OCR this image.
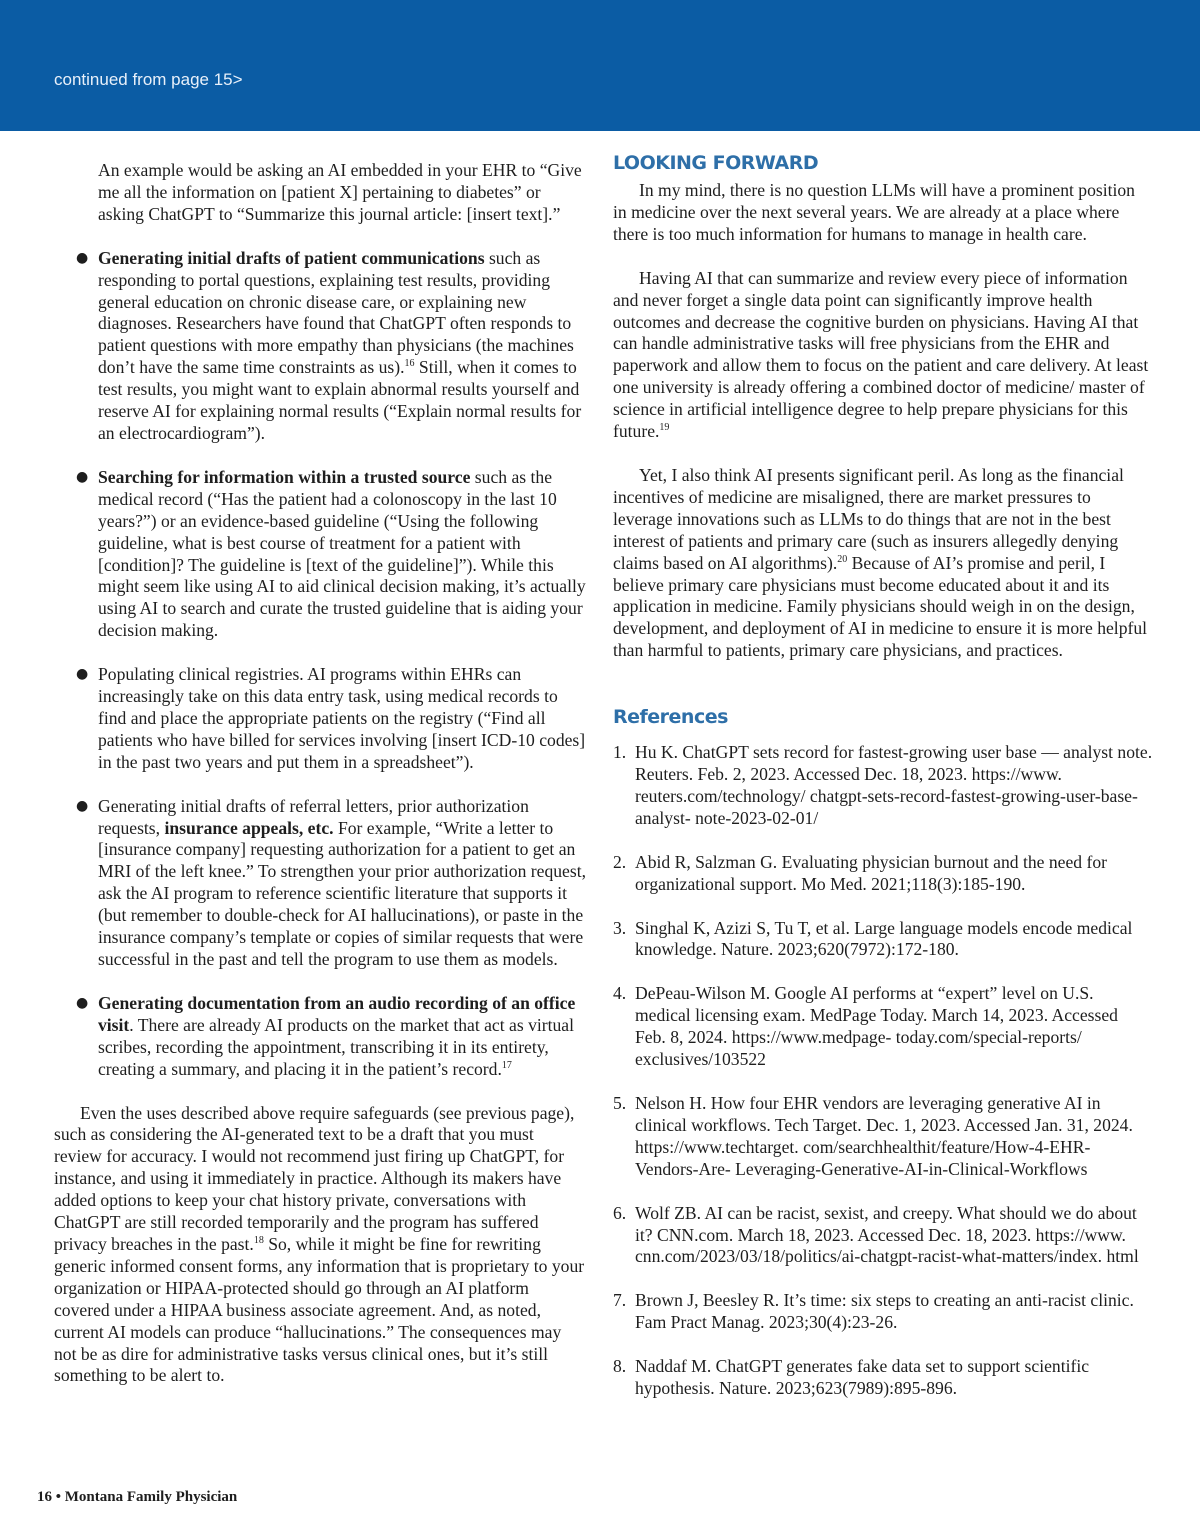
continued from page 15>

An example would be asking an AI embedded in your EHR to “Give me all the information on [patient X] pertaining to diabetes” or asking ChatGPT to “Summarize this journal article: [insert text].”

● Generating initial drafts of patient communications such as responding to portal questions, explaining test results, providing general education on chronic disease care, or explaining new diagnoses. Researchers have found that ChatGPT often responds to patient questions with more empathy than physicians (the machines don’t have the same time constraints as us).$^{16}$ Still, when it comes to test results, you might want to explain abnormal results yourself and reserve AI for explaining normal results (“Explain normal results for an electrocardiogram”).
● Searching for information within a trusted source such as the medical record (“Has the patient had a colonoscopy in the last 10 years?”) or an evidence-based guideline (“Using the following guideline, what is best course of treatment for a patient with [condition]? The guideline is [text of the guideline]”). While this might seem like using AI to aid clinical decision making, it’s actually using AI to search and curate the trusted guideline that is aiding your decision making.
● Populating clinical registries. AI programs within EHRs can increasingly take on this data entry task, using medical records to find and place the appropriate patients on the registry (“Find all patients who have billed for services involving [insert ICD-10 codes] in the past two years and put them in a spreadsheet”).
● Generating initial drafts of referral letters, prior authorization requests, insurance appeals, etc. For example, “Write a letter to [insurance company] requesting authorization for a patient to get an MRI of the left knee.” To strengthen your prior authorization request, ask the AI program to reference scientific literature that supports it (but remember to double-check for AI hallucinations), or paste in the insurance company’s template or copies of similar requests that were successful in the past and tell the program to use them as models.
● Generating documentation from an audio recording of an office visit. There are already AI products on the market that act as virtual scribes, recording the appointment, transcribing it in its entirety, creating a summary, and placing it in the patient’s record.$^{17}$

Even the uses described above require safeguards (see previous page), such as considering the AI-generated text to be a draft that you must review for accuracy. I would not recommend just firing up ChatGPT, for instance, and using it immediately in practice. Although its makers have added options to keep your chat history private, conversations with ChatGPT are still recorded temporarily and the program has suffered privacy breaches in the past.$^{18}$ So, while it might be fine for rewriting generic informed consent forms, any information that is proprietary to your organization or HIPAA-protected should go through an AI platform covered under a HIPAA business associate agreement. And, as noted, current AI models can produce “hallucinations.” The consequences may not be as dire for administrative tasks versus clinical ones, but it’s still something to be alert to.

LOOKING FORWARD

In my mind, there is no question LLMs will have a prominent position in medicine over the next several years. We are already at a place where there is too much information for humans to manage in health care.

Having AI that can summarize and review every piece of information and never forget a single data point can significantly improve health outcomes and decrease the cognitive burden on physicians. Having AI that can handle administrative tasks will free physicians from the EHR and paperwork and allow them to focus on the patient and care delivery. At least one university is already offering a combined doctor of medicine/ master of science in artificial intelligence degree to help prepare physicians for this future.$^{19}$

Yet, I also think AI presents significant peril. As long as the financial incentives of medicine are misaligned, there are market pressures to leverage innovations such as LLMs to do things that are not in the best interest of patients and primary care (such as insurers allegedly denying claims based on AI algorithms).$^{20}$ Because of AI’s promise and peril, I believe primary care physicians must become educated about it and its application in medicine. Family physicians should weigh in on the design, development, and deployment of AI in medicine to ensure it is more helpful than harmful to patients, primary care physicians, and practices.

References
1. Hu K. ChatGPT sets record for fastest-growing user base — analyst note. Reuters. Feb. 2, 2023. Accessed Dec. 18, 2023. https://www. reuters.com/technology/ chatgpt-sets-record-fastest-growing-user-base-analyst- note-2023-02-01/
2. Abid R, Salzman G. Evaluating physician burnout and the need for organizational support. Mo Med. 2021;118(3):185-190.
3. Singhal K, Azizi S, Tu T, et al. Large language models encode medical knowledge. Nature. 2023;620(7972):172-180.
4. DePeau-Wilson M. Google AI performs at “expert” level on U.S. medical licensing exam. MedPage Today. March 14, 2023. Accessed Feb. 8, 2024. https://www.medpage- today.com/special-reports/ exclusives/103522
5. Nelson H. How four EHR vendors are leveraging generative AI in clinical workflows. Tech Target. Dec. 1, 2023. Accessed Jan. 31, 2024. https://www.techtarget. com/searchhealthit/feature/How-4-EHR-Vendors-Are- Leveraging-Generative-AI-in-Clinical-Workflows
6. Wolf ZB. AI can be racist, sexist, and creepy. What should we do about it? CNN.com. March 18, 2023. Accessed Dec. 18, 2023. https://www. cnn.com/2023/03/18/politics/ai-chatgpt-racist-what-matters/index. html
7. Brown J, Beesley R. It’s time: six steps to creating an anti-racist clinic. Fam Pract Manag. 2023;30(4):23-26.
8. Naddaf M. ChatGPT generates fake data set to support scientific hypothesis. Nature. 2023;623(7989):895-896.
16 • Montana Family Physician
